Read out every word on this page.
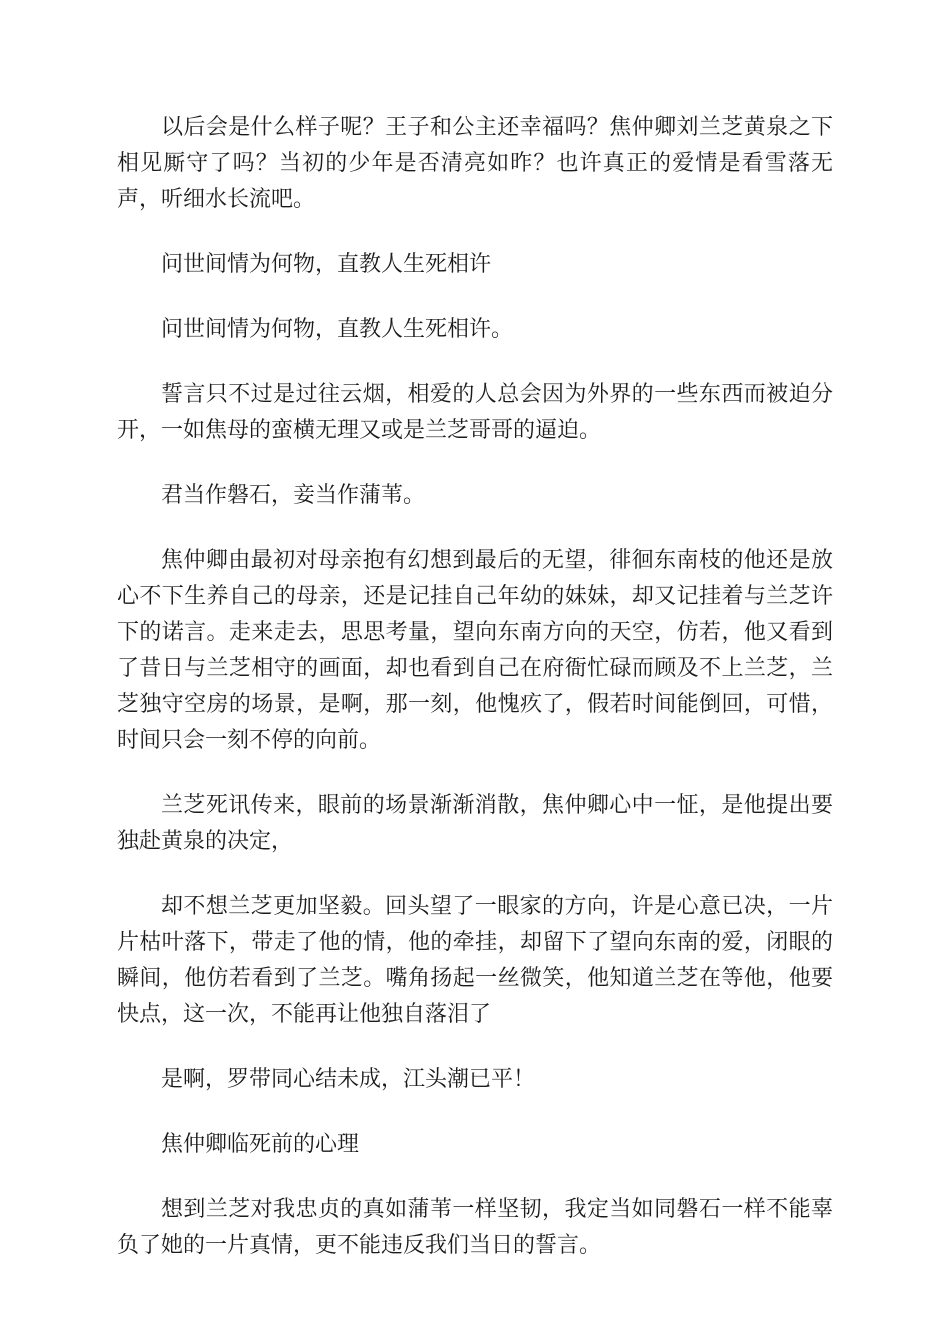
以后会是什么样子呢？王子和公主还幸福吗？焦仲卿刘兰芝黄泉之下相见厮守了吗？当初的少年是否清亮如昨？也许真正的爱情是看雪落无声，听细水长流吧。

问世间情为何物，直教人生死相许

问世间情为何物，直教人生死相许。

誓言只不过是过往云烟，相爱的人总会因为外界的一些东西而被迫分开，一如焦母的蛮横无理又或是兰芝哥哥的逼迫。

君当作磐石，妾当作蒲苇。

焦仲卿由最初对母亲抱有幻想到最后的无望，徘徊东南枝的他还是放心不下生养自己的母亲，还是记挂自己年幼的妹妹，却又记挂着与兰芝许下的诺言。走来走去，思思考量，望向东南方向的天空，仿若，他又看到了昔日与兰芝相守的画面，却也看到自己在府衙忙碌而顾及不上兰芝，兰芝独守空房的场景，是啊，那一刻，他愧疚了，假若时间能倒回，可惜，时间只会一刻不停的向前。

兰芝死讯传来，眼前的场景渐渐消散，焦仲卿心中一怔，是他提出要独赴黄泉的决定，

却不想兰芝更加坚毅。回头望了一眼家的方向，许是心意已决，一片片枯叶落下，带走了他的情，他的牵挂，却留下了望向东南的爱，闭眼的瞬间，他仿若看到了兰芝。嘴角扬起一丝微笑，他知道兰芝在等他，他要快点，这一次，不能再让他独自落泪了

是啊，罗带同心结未成，江头潮已平！

焦仲卿临死前的心理

想到兰芝对我忠贞的真如蒲苇一样坚韧，我定当如同磐石一样不能辜负了她的一片真情，更不能违反我们当日的誓言。
